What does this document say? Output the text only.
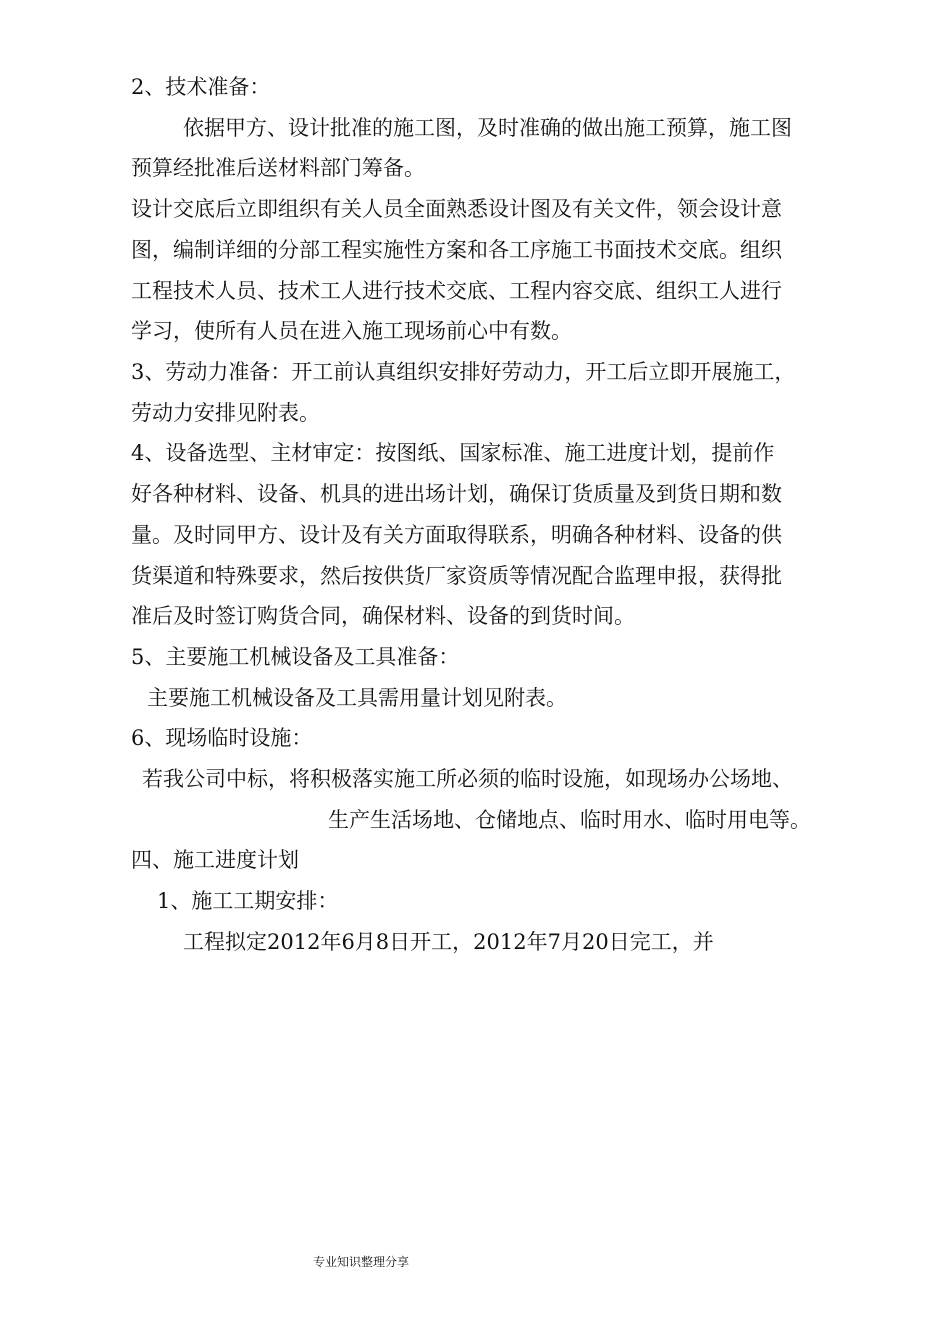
2、技术准备：

依据甲方、设计批准的施工图，及时准确的做出施工预算，施工图

预算经批准后送材料部门筹备。

设计交底后立即组织有关人员全面熟悉设计图及有关文件，领会设计意

图，编制详细的分部工程实施性方案和各工序施工书面技术交底。组织

工程技术人员、技术工人进行技术交底、工程内容交底、组织工人进行

学习，使所有人员在进入施工现场前心中有数。

3、劳动力准备：开工前认真组织安排好劳动力，开工后立即开展施工，

劳动力安排见附表。

4、设备选型、主材审定：按图纸、国家标准、施工进度计划，提前作

好各种材料、设备、机具的进出场计划，确保订货质量及到货日期和数

量。及时同甲方、设计及有关方面取得联系，明确各种材料、设备的供

货渠道和特殊要求，然后按供货厂家资质等情况配合监理申报，获得批

准后及时签订购货合同，确保材料、设备的到货时间。

5、主要施工机械设备及工具准备：

主要施工机械设备及工具需用量计划见附表。

6、现场临时设施：

若我公司中标，将积极落实施工所必须的临时设施，如现场办公场地、

生产生活场地、仓储地点、临时用水、临时用电等。

四、施工进度计划

1、施工工期安排：

工程拟定2012年6月8日开工，2012年7月20日完工，并

专业知识整理分享
